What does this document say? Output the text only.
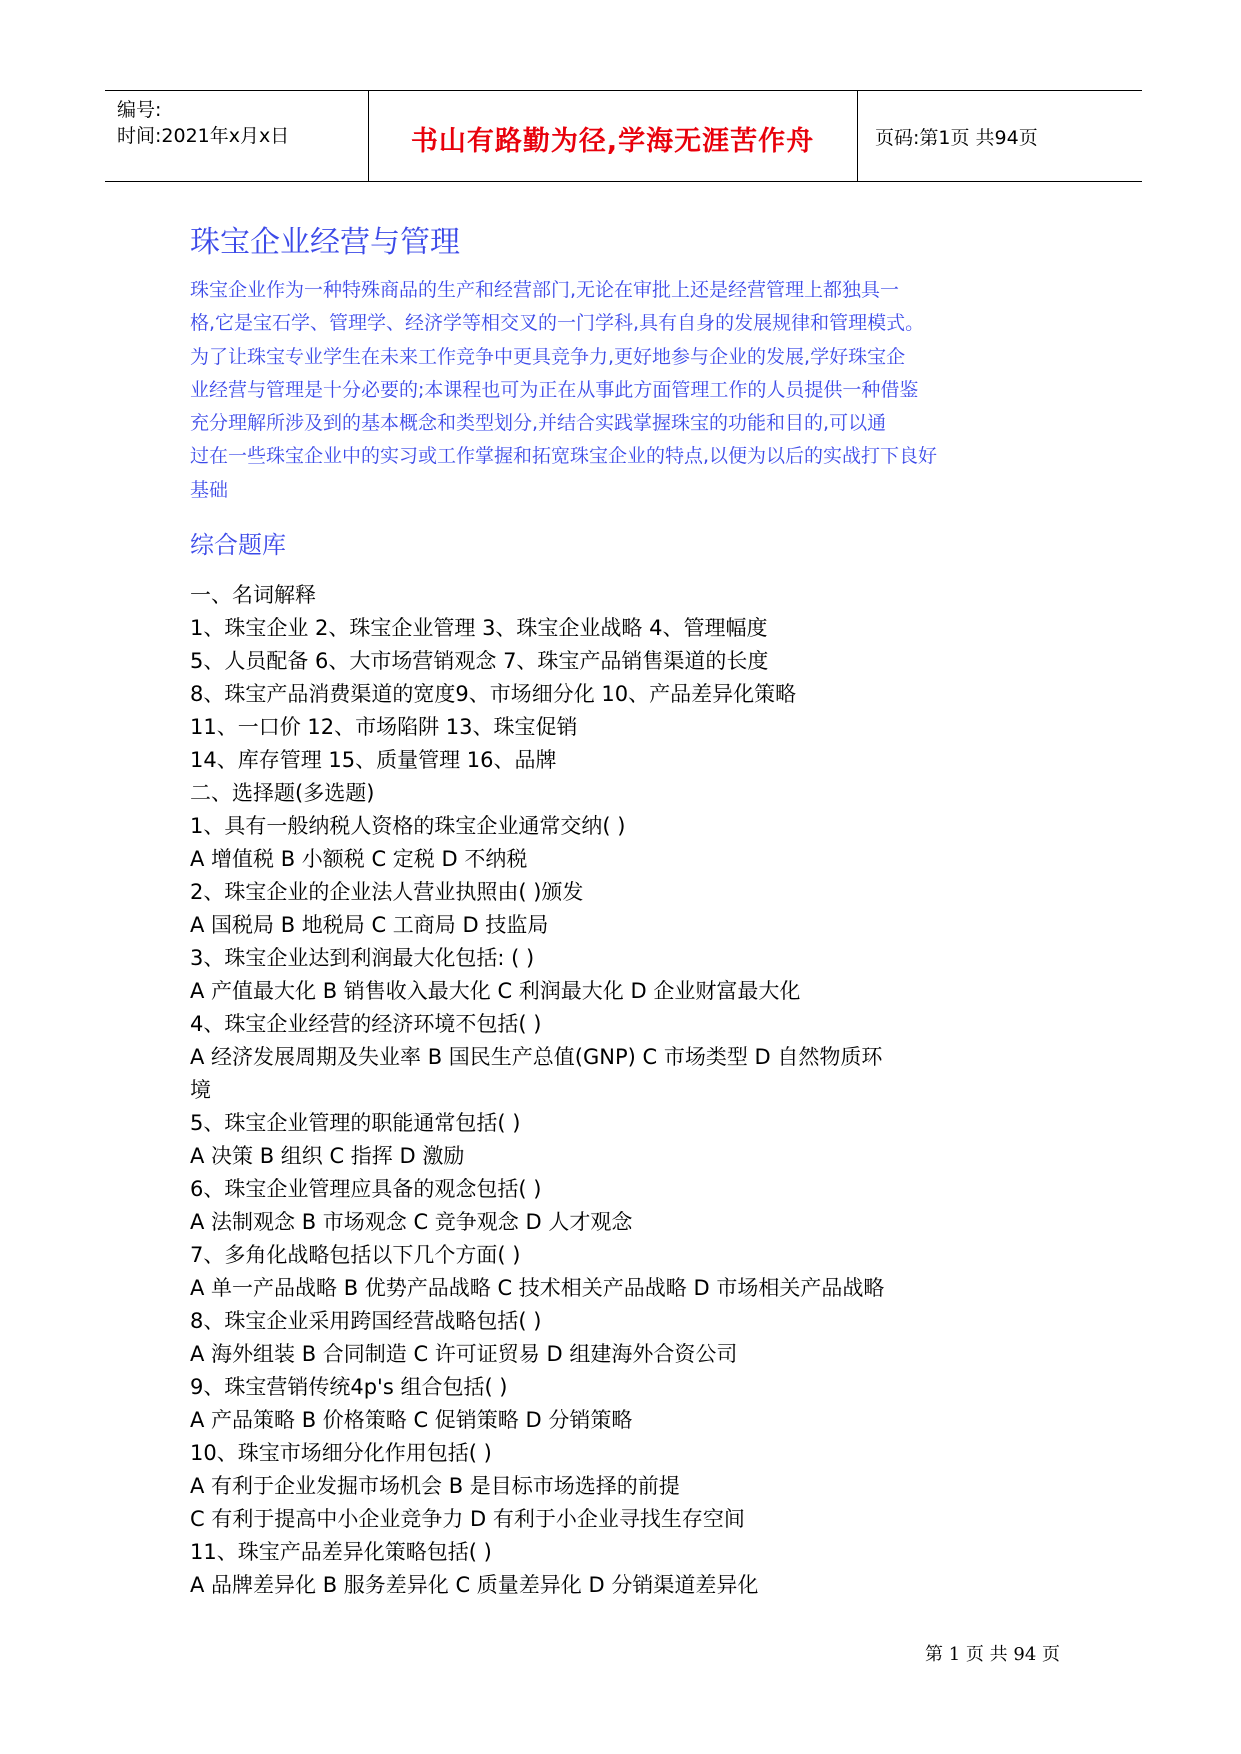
编号:
时间:2021年x月x日	书山有路勤为径,学海无涯苦作舟	页码:第1页 共94页
珠宝企业经营与管理
珠宝企业作为一种特殊商品的生产和经营部门,无论在审批上还是经营管理上都独具一
格,它是宝石学、管理学、经济学等相交叉的一门学科,具有自身的发展规律和管理模式。
为了让珠宝专业学生在未来工作竞争中更具竞争力,更好地参与企业的发展,学好珠宝企
业经营与管理是十分必要的;本课程也可为正在从事此方面管理工作的人员提供一种借鉴
充分理解所涉及到的基本概念和类型划分,并结合实践掌握珠宝的功能和目的,可以通
过在一些珠宝企业中的实习或工作掌握和拓宽珠宝企业的特点,以便为以后的实战打下良好
基础
综合题库
一、名词解释
1、珠宝企业 2、珠宝企业管理 3、珠宝企业战略 4、管理幅度
5、人员配备 6、大市场营销观念 7、珠宝产品销售渠道的长度
8、珠宝产品消费渠道的宽度9、市场细分化 10、产品差异化策略
11、一口价 12、市场陷阱 13、珠宝促销
14、库存管理 15、质量管理 16、品牌
二、选择题(多选题)
1、具有一般纳税人资格的珠宝企业通常交纳( )
A 增值税 B 小额税 C 定税 D 不纳税
2、珠宝企业的企业法人营业执照由( )颁发
A 国税局 B 地税局 C 工商局 D 技监局
3、珠宝企业达到利润最大化包括: ( )
A 产值最大化 B 销售收入最大化 C 利润最大化 D 企业财富最大化
4、珠宝企业经营的经济环境不包括( )
A 经济发展周期及失业率 B 国民生产总值(GNP) C 市场类型 D 自然物质环
境
5、珠宝企业管理的职能通常包括( )
A 决策 B 组织 C 指挥 D 激励
6、珠宝企业管理应具备的观念包括( )
A 法制观念 B 市场观念 C 竞争观念 D 人才观念
7、多角化战略包括以下几个方面( )
A 单一产品战略 B 优势产品战略 C 技术相关产品战略 D 市场相关产品战略
8、珠宝企业采用跨国经营战略包括( )
A 海外组装 B 合同制造 C 许可证贸易 D 组建海外合资公司
9、珠宝营销传统4p's 组合包括( )
A 产品策略 B 价格策略 C 促销策略 D 分销策略
10、珠宝市场细分化作用包括( )
A 有利于企业发掘市场机会 B 是目标市场选择的前提
C 有利于提高中小企业竞争力 D 有利于小企业寻找生存空间
11、珠宝产品差异化策略包括( )
A 品牌差异化 B 服务差异化 C 质量差异化 D 分销渠道差异化
第 1 页 共 94 页
